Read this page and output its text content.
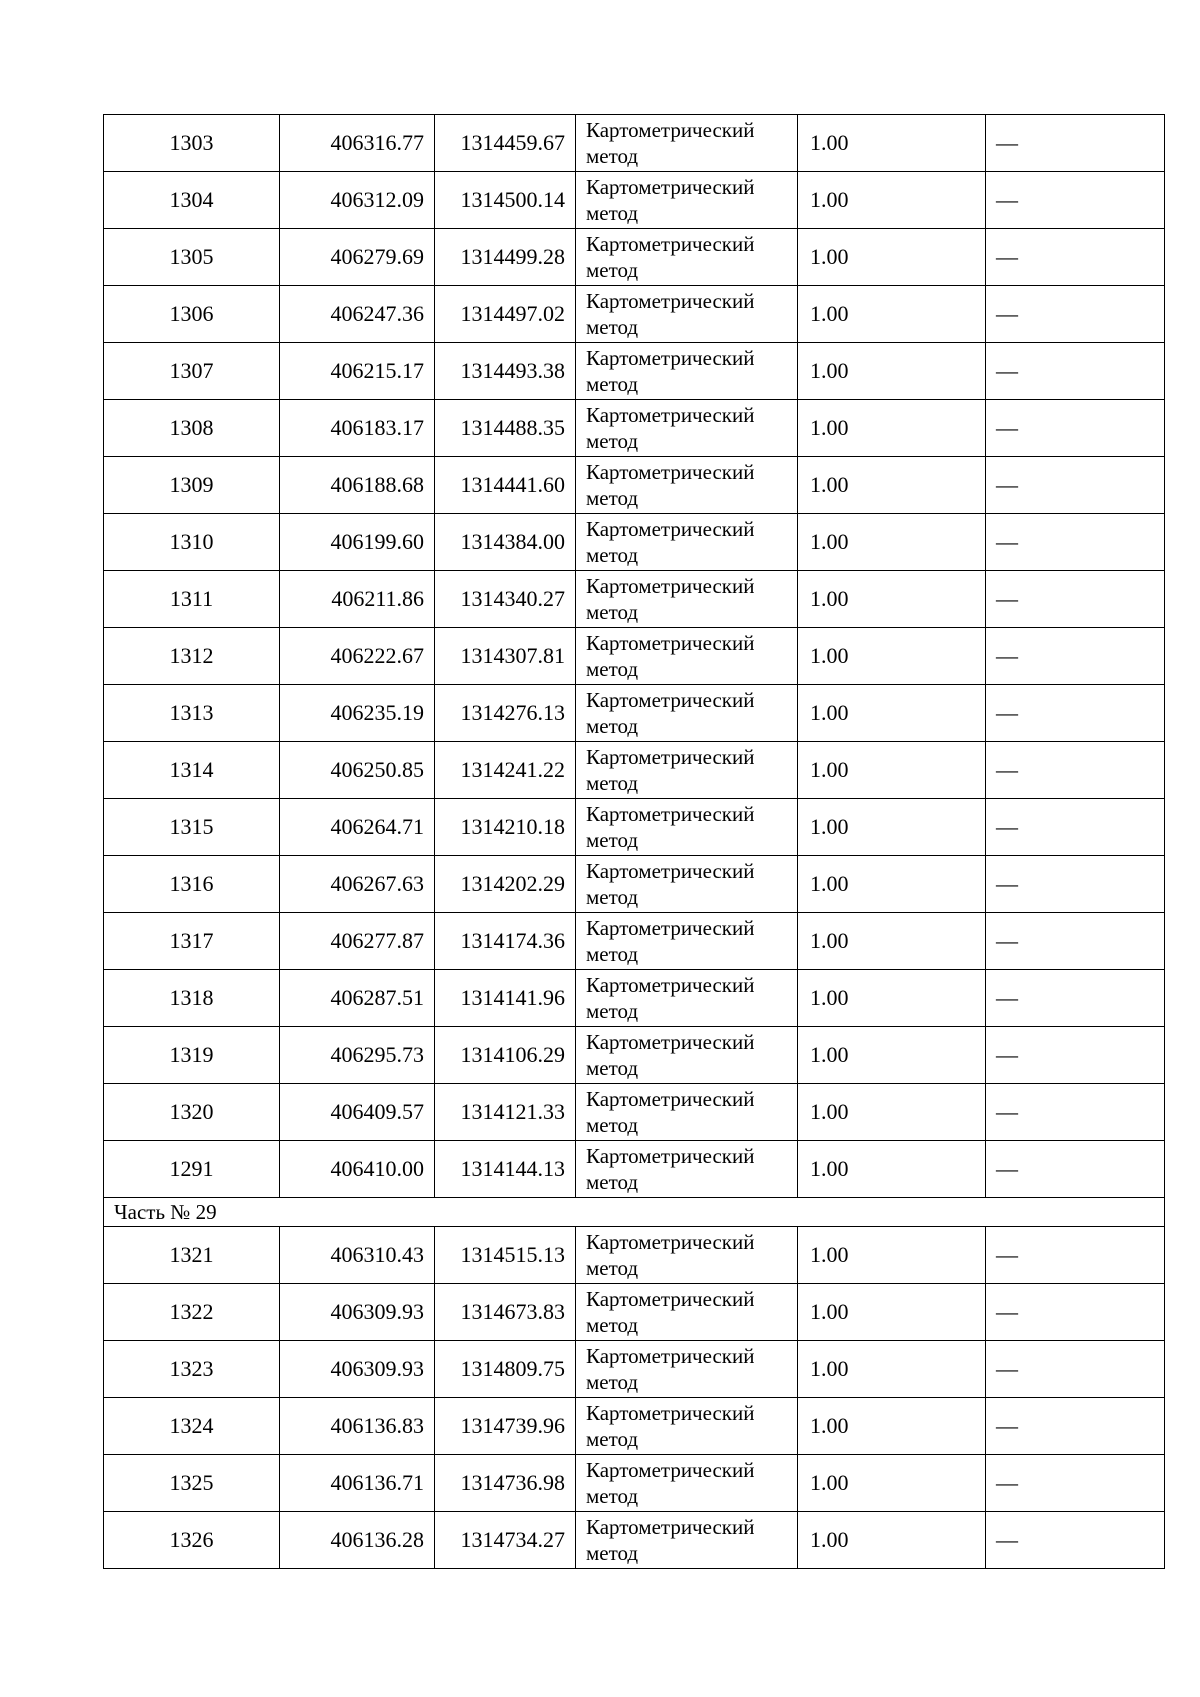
1303	406316.77	1314459.67	Картометрический метод	1.00	—
1304	406312.09	1314500.14	Картометрический метод	1.00	—
1305	406279.69	1314499.28	Картометрический метод	1.00	—
1306	406247.36	1314497.02	Картометрический метод	1.00	—
1307	406215.17	1314493.38	Картометрический метод	1.00	—
1308	406183.17	1314488.35	Картометрический метод	1.00	—
1309	406188.68	1314441.60	Картометрический метод	1.00	—
1310	406199.60	1314384.00	Картометрический метод	1.00	—
1311	406211.86	1314340.27	Картометрический метод	1.00	—
1312	406222.67	1314307.81	Картометрический метод	1.00	—
1313	406235.19	1314276.13	Картометрический метод	1.00	—
1314	406250.85	1314241.22	Картометрический метод	1.00	—
1315	406264.71	1314210.18	Картометрический метод	1.00	—
1316	406267.63	1314202.29	Картометрический метод	1.00	—
1317	406277.87	1314174.36	Картометрический метод	1.00	—
1318	406287.51	1314141.96	Картометрический метод	1.00	—
1319	406295.73	1314106.29	Картометрический метод	1.00	—
1320	406409.57	1314121.33	Картометрический метод	1.00	—
1291	406410.00	1314144.13	Картометрический метод	1.00	—
Часть № 29					
1321	406310.43	1314515.13	Картометрический метод	1.00	—
1322	406309.93	1314673.83	Картометрический метод	1.00	—
1323	406309.93	1314809.75	Картометрический метод	1.00	—
1324	406136.83	1314739.96	Картометрический метод	1.00	—
1325	406136.71	1314736.98	Картометрический метод	1.00	—
1326	406136.28	1314734.27	Картометрический метод	1.00	—
